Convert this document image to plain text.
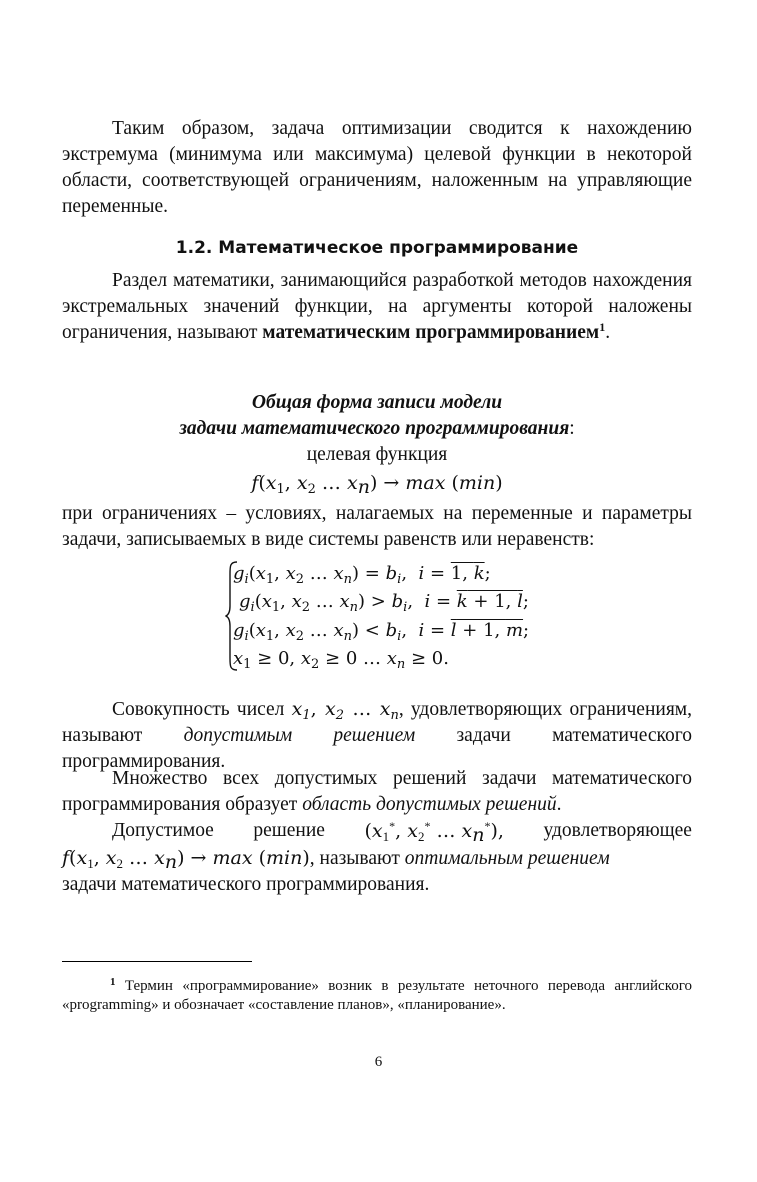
Таким образом, задача оптимизации сводится к нахождению экстремума (минимума или максимума) целевой функции в некоторой области, соответствующей ограничениям, наложенным на управляющие переменные.

1.2. Математическое программирование

Раздел математики, занимающийся разработкой методов нахождения экстремальных значений функции, на аргументы которой наложены ограничения, называют математическим программированием$^1$.

Общая форма записи модели
задачи математического программирования:
целевая функция
$f(x_1$, $x_2$ … $x_n) \to \max (\min)$

при ограничениях – условиях, налагаемых на переменные и параметры задачи, записываемых в виде системы равенств или неравенств:

Совокупность чисел $x_1$, $x_2$ … $x_n$, удовлетворяющих ограничениям, называют допустимым решением задачи математического программирования.

Множество всех допустимых решений задачи математического программирования образует область допустимых решений.

Допустимое решение ($x_1^*$, $x_2^*$ … $x_n^*$), удовлетворяющее
$f(x_1$, $x_2$ … $x_n) \to \max (\min)$, называют оптимальным решением
задачи математического программирования.
$g_i(x_1$, $x_2$ … $x_n) = b_i$,  i = 1, k;
$g_i(x_1$, $x_2$ … $x_n) > b_i$,  i = k + 1, l;
$g_i(x_1$, $x_2$ … $x_n) < b_i$,  i = l + 1, m;
$x_1 \ge 0$, $x_2 \ge 0$ … $x_n \ge 0$.
$^1$ Термин «программирование» возник в результате неточного перевода английского «programming» и обозначает «составление планов», «планирование».
6
